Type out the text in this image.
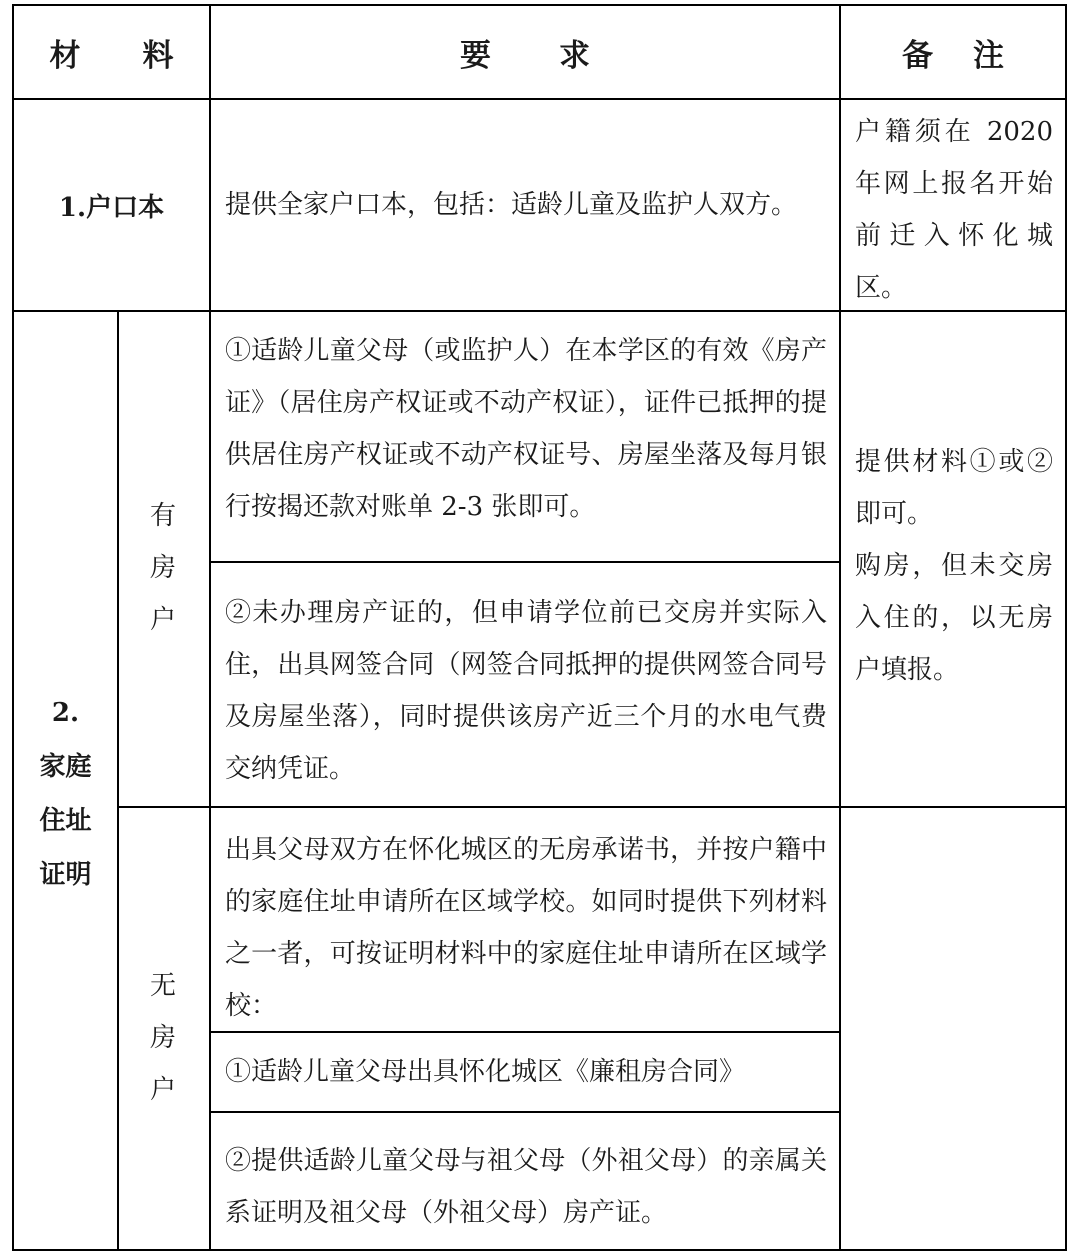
材 料	要 求	备 注
1.户口本 提供全家户口本，包括：适龄儿童及监护人双方。
户籍须在 2020 年网上报名开始前迁入怀化城区。
2.
家庭
住址
证明
有房户
①适龄儿童父母（或监护人）在本学区的有效《房产证》（居住房产权证或不动产权证），证件已抵押的提供居住房产权证或不动产权证号、房屋坐落及每月银行按揭还款对账单 2-3 张即可。
②未办理房产证的，但申请学位前已交房并实际入住，出具网签合同（网签合同抵押的提供网签合同号及房屋坐落），同时提供该房产近三个月的水电气费交纳凭证。
提供材料①或②即可。
购房，但未交房入住的，以无房户填报。
无房户
出具父母双方在怀化城区的无房承诺书，并按户籍中的家庭住址申请所在区域学校。如同时提供下列材料之一者，可按证明材料中的家庭住址申请所在区域学校：
①适龄儿童父母出具怀化城区《廉租房合同》
②提供适龄儿童父母与祖父母（外祖父母）的亲属关系证明及祖父母（外祖父母）房产证。
